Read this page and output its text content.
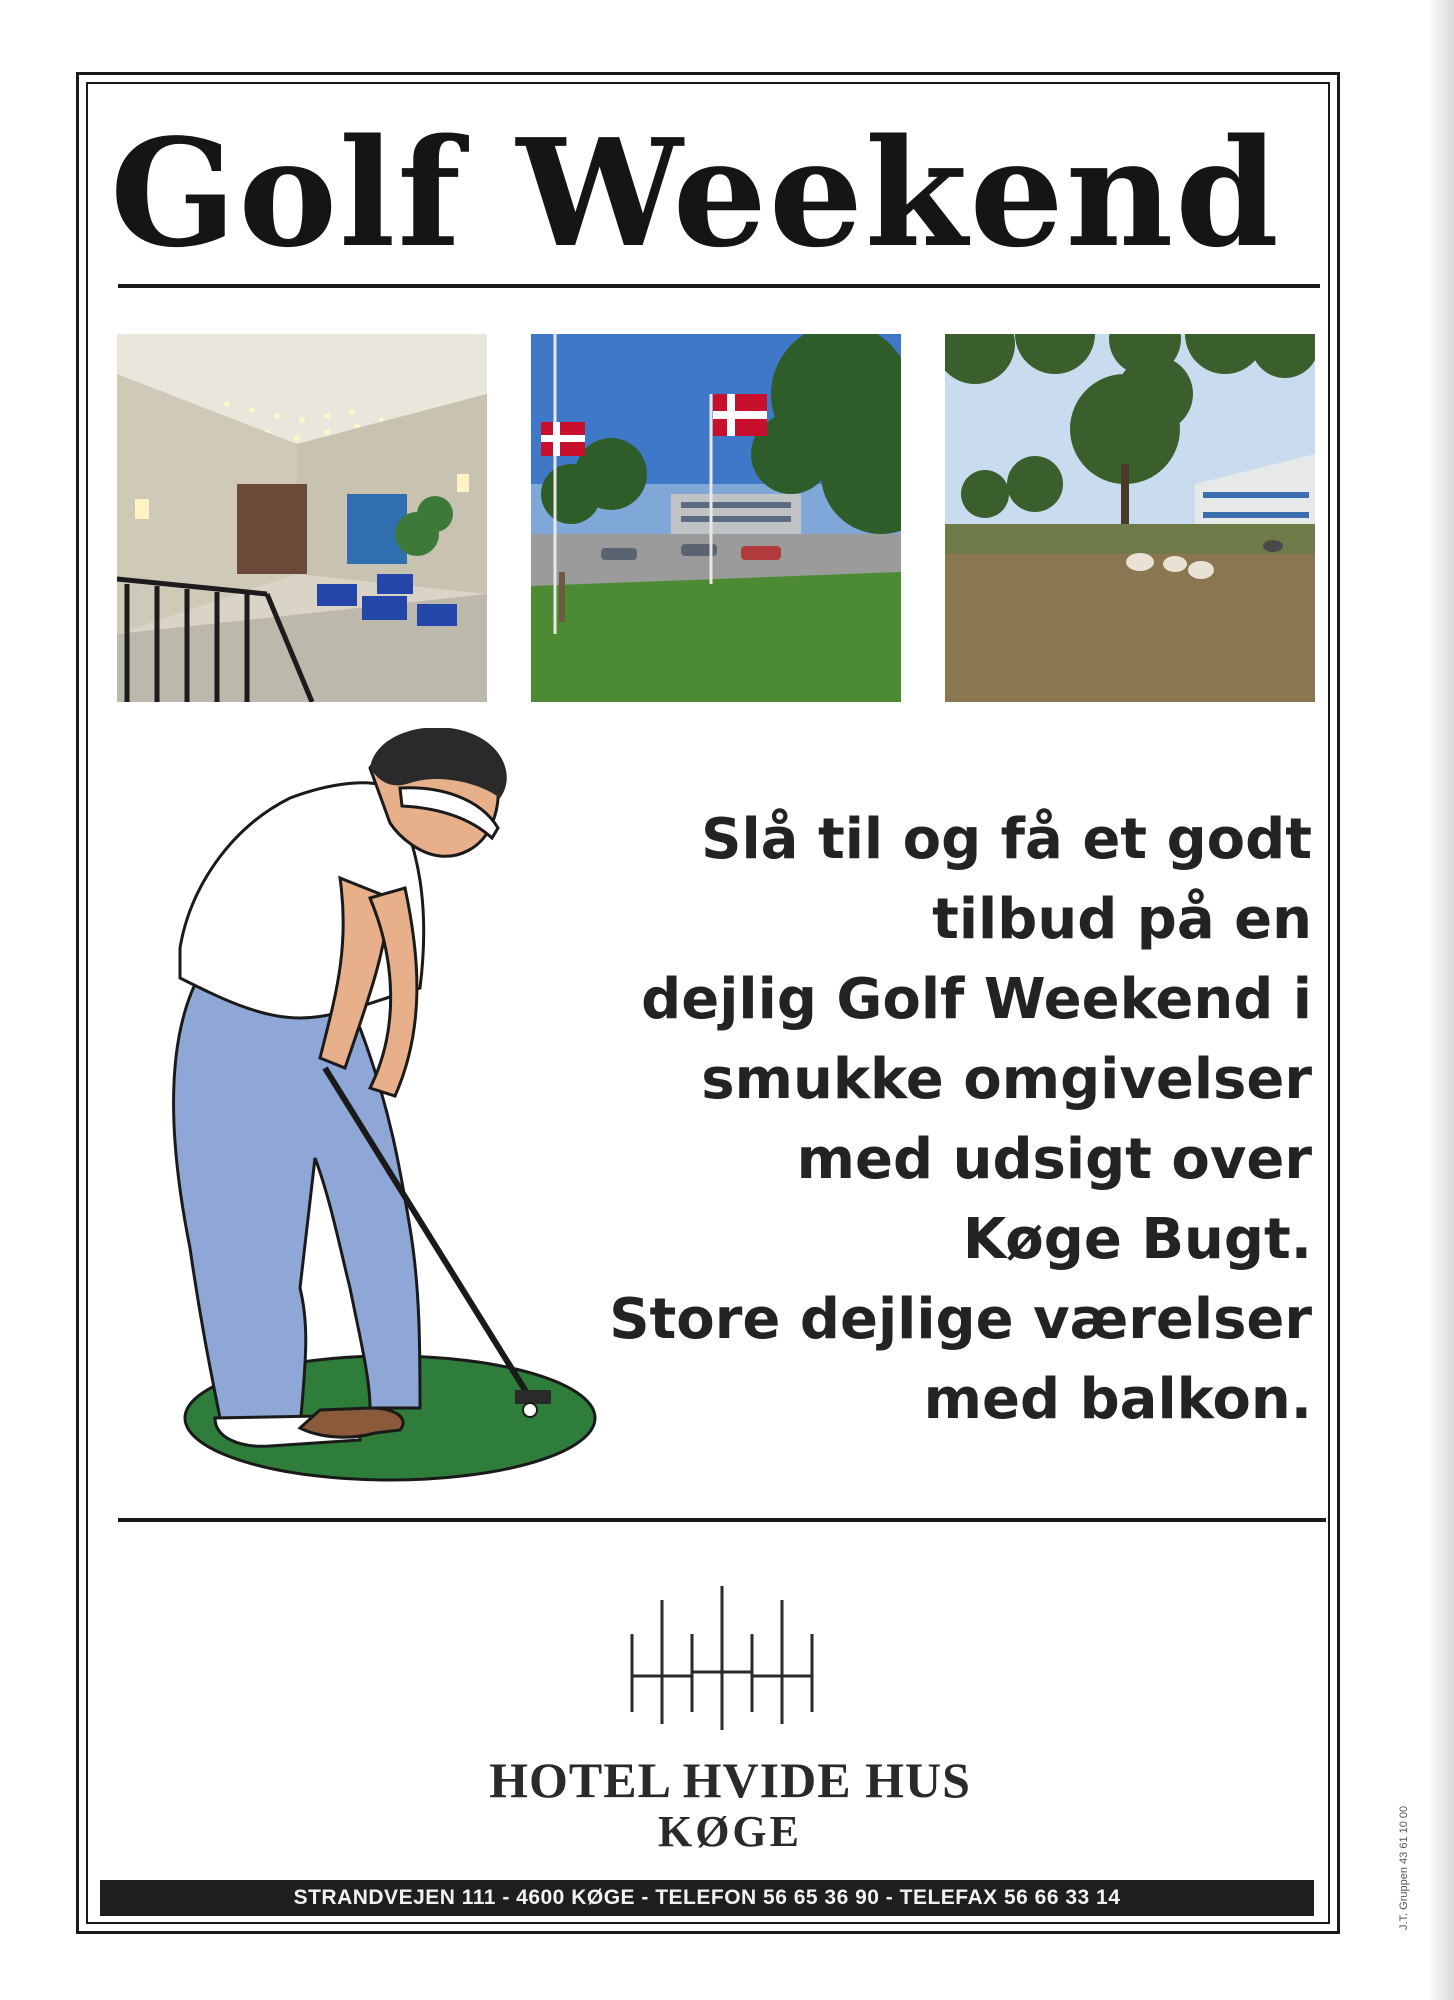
Golf Weekend
Slå til og få et godt
tilbud på en
dejlig Golf Weekend i
smukke omgivelser
med udsigt over
Køge Bugt.
Store dejlige værelser
med balkon.
HOTEL HVIDE HUS
KØGE
STRANDVEJEN 111 - 4600 KØGE - TELEFON 56 65 36 90 - TELEFAX 56 66 33 14	J.T. Gruppen 43 61 10 00
